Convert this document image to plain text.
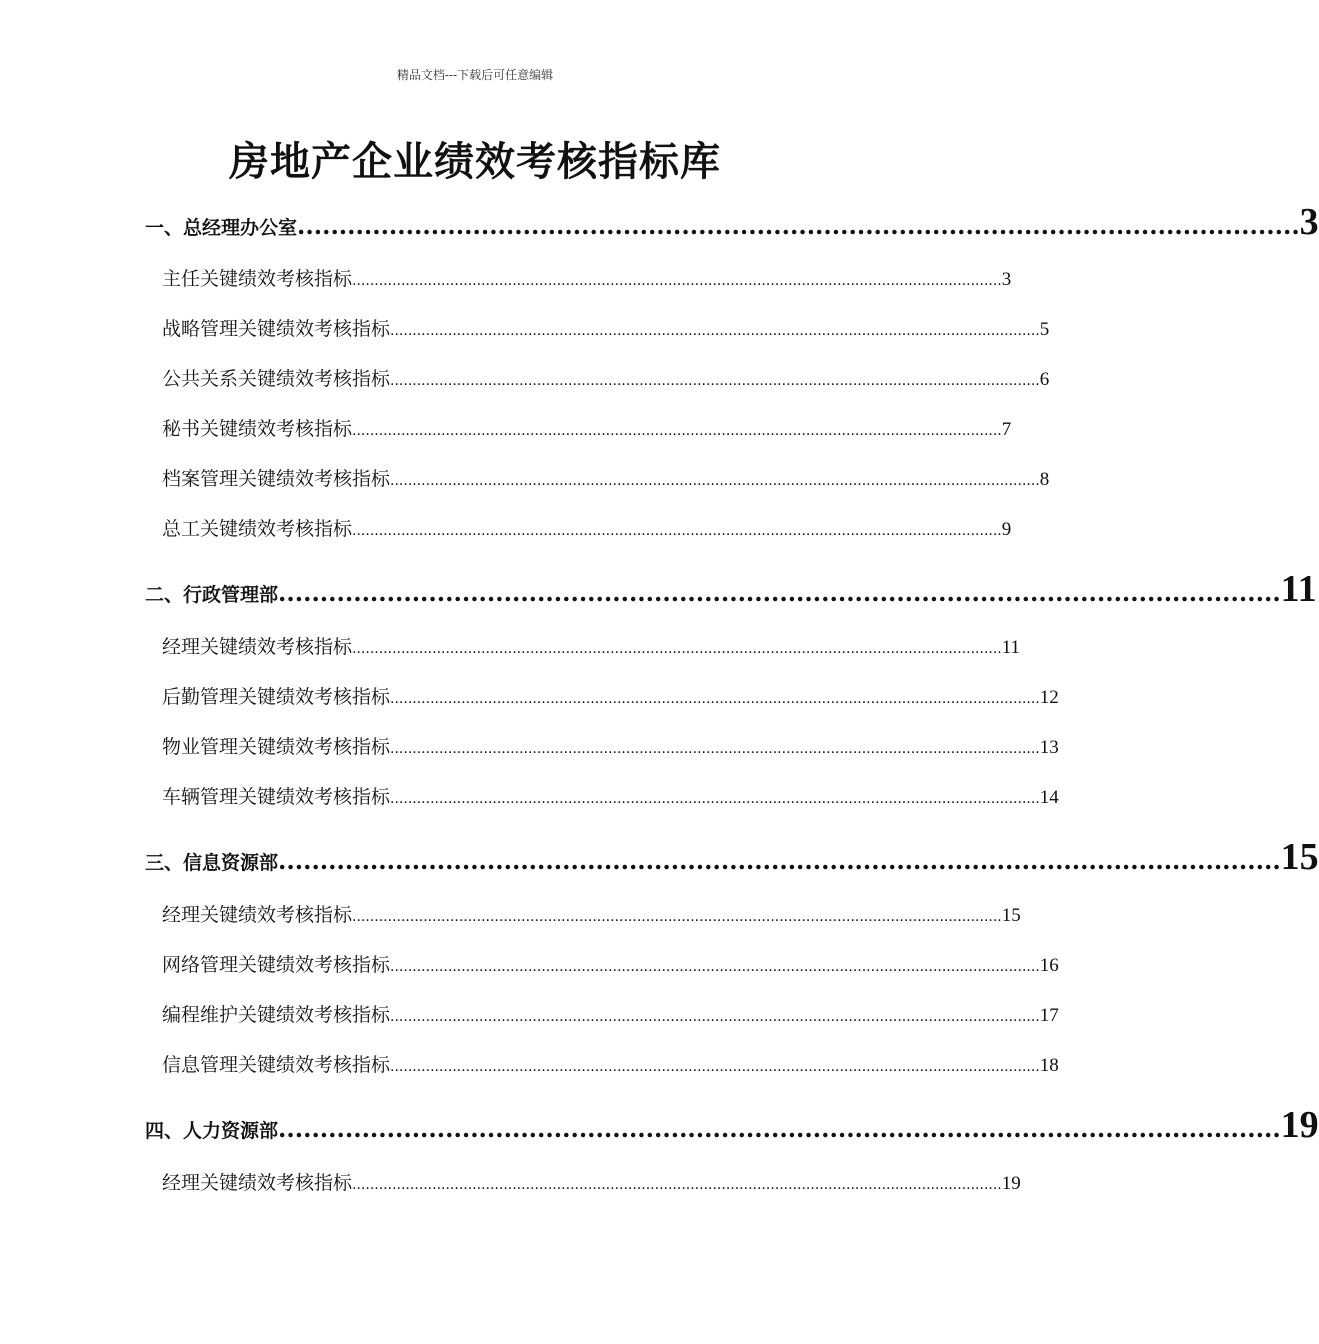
精品文档---下载后可任意编辑
房地产企业绩效考核指标库
一、总经理办公室 ........................................................................................................................ 3
主任关键绩效考核指标 .................................................................................................................................................. 3
战略管理关键绩效考核指标 .................................................................................................................................................. 5
公共关系关键绩效考核指标 .................................................................................................................................................. 6
秘书关键绩效考核指标 .................................................................................................................................................. 7
档案管理关键绩效考核指标 .................................................................................................................................................. 8
总工关键绩效考核指标 .................................................................................................................................................. 9
二、行政管理部 ........................................................................................................................ 11
经理关键绩效考核指标 .................................................................................................................................................. 11
后勤管理关键绩效考核指标 .................................................................................................................................................. 12
物业管理关键绩效考核指标 .................................................................................................................................................. 13
车辆管理关键绩效考核指标 .................................................................................................................................................. 14
三、信息资源部 ........................................................................................................................ 15
经理关键绩效考核指标 .................................................................................................................................................. 15
网络管理关键绩效考核指标 .................................................................................................................................................. 16
编程维护关键绩效考核指标 .................................................................................................................................................. 17
信息管理关键绩效考核指标 .................................................................................................................................................. 18
四、人力资源部 ........................................................................................................................ 19
经理关键绩效考核指标 .................................................................................................................................................. 19
